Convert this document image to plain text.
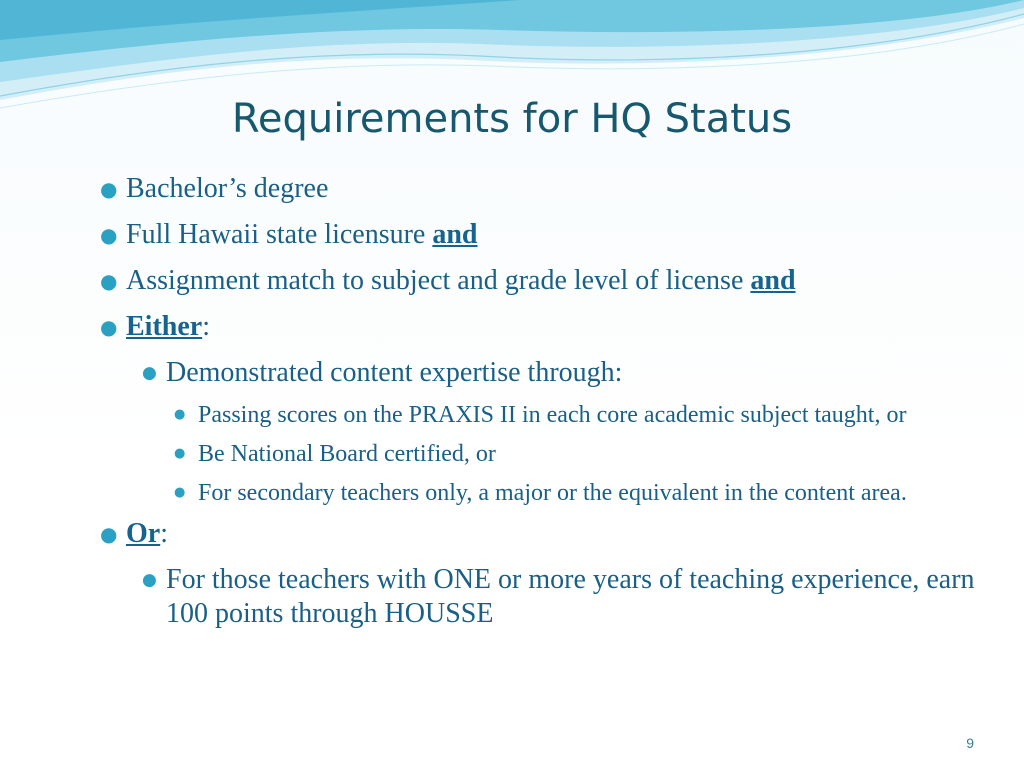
Requirements for HQ Status
● Bachelor’s degree
● Full Hawaii state licensure and
● Assignment match to subject and grade level of license and
● Either:
● Demonstrated content expertise through:
● Passing scores on the PRAXIS II in each core academic subject taught, or
● Be National Board certified, or
● For secondary teachers only, a major or the equivalent in the content area.
● Or:
● For those teachers with ONE or more years of teaching experience, earn 100 points through HOUSSE
9
